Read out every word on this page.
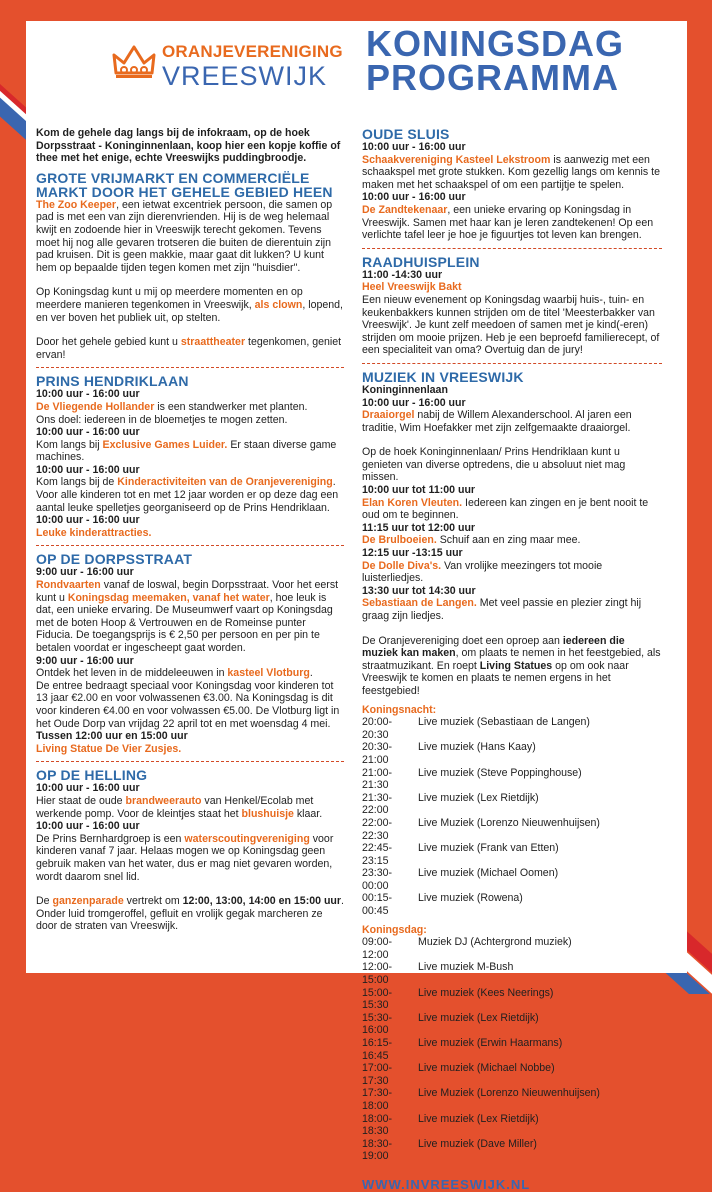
ORANJEVERENIGING
VREESWIJK
KONINGSDAG
PROGRAMMA

Kom de gehele dag langs bij de infokraam, op de hoek Dorpsstraat - Koninginnenlaan, koop hier een kopje koffie of thee met het enige, echte Vreeswijks puddingbroodje.

GROTE VRIJMARKT EN COMMERCIËLE MARKT DOOR HET GEHELE GEBIED HEEN

The Zoo Keeper, een ietwat excentriek persoon, die samen op pad is met een van zijn dierenvrienden. Hij is de weg helemaal kwijt en zodoende hier in Vreeswijk terecht gekomen. Tevens moet hij nog alle gevaren trotseren die buiten de dierentuin zijn pad kruisen. Dit is geen makkie, maar gaat dit lukken? U kunt hem op bepaalde tijden tegen komen met zijn "huisdier".

Op Koningsdag kunt u mij op meerdere momenten en op meerdere manieren tegenkomen in Vreeswijk, als clown, lopend, en ver boven het publiek uit, op stelten.

Door het gehele gebied kunt u straattheater tegenkomen, geniet ervan!

PRINS HENDRIKLAAN

10:00 uur - 16:00 uur

De Vliegende Hollander is een standwerker met planten.

Ons doel: iedereen in de bloemetjes te mogen zetten.

10:00 uur - 16:00 uur

Kom langs bij Exclusive Games Luider. Er staan diverse game machines.

10:00 uur - 16:00 uur

Kom langs bij de Kinderactiviteiten van de Oranjevereniging.

Voor alle kinderen tot en met 12 jaar worden er op deze dag een aantal leuke spelletjes georganiseerd op de Prins Hendriklaan.

10:00 uur - 16:00 uur

Leuke kinderattracties.

OP DE DORPSSTRAAT

9:00 uur - 16:00 uur

Rondvaarten vanaf de loswal, begin Dorpsstraat. Voor het eerst kunt u Koningsdag meemaken, vanaf het water, hoe leuk is dat, een unieke ervaring. De Museumwerf vaart op Koningsdag met de boten Hoop & Vertrouwen en de Romeinse punter Fiducia. De toegangsprijs is € 2,50 per persoon en per pin te betalen voordat er ingescheept gaat worden.

9:00 uur - 16:00 uur

Ontdek het leven in de middeleeuwen in kasteel Vlotburg.

De entree bedraagt speciaal voor Koningsdag voor kinderen tot 13 jaar €2.00 en voor volwassenen €3.00. Na Koningsdag is dit voor kinderen €4.00 en voor volwassen €5.00. De Vlotburg ligt in het Oude Dorp van vrijdag 22 april tot en met woensdag 4 mei.

Tussen 12:00 uur en 15:00 uur

Living Statue De Vier Zusjes.

OP DE HELLING

10:00 uur - 16:00 uur

Hier staat de oude brandweerauto van Henkel/Ecolab met werkende pomp. Voor de kleintjes staat het blushuisje klaar.

10:00 uur - 16:00 uur

De Prins Bernhardgroep is een waterscoutingvereniging voor kinderen vanaf 7 jaar. Helaas mogen we op Koningsdag geen gebruik maken van het water, dus er mag niet gevaren worden, wordt daarom snel lid.

De ganzenparade vertrekt om 12:00, 13:00, 14:00 en 15:00 uur. Onder luid tromgeroffel, gefluit en vrolijk gegak marcheren ze door de straten van Vreeswijk.

OUDE SLUIS

10:00 uur - 16:00 uur

Schaakvereniging Kasteel Lekstroom is aanwezig met een schaakspel met grote stukken. Kom gezellig langs om kennis te maken met het schaakspel of om een partijtje te spelen.

10:00 uur - 16:00 uur

De Zandtekenaar, een unieke ervaring op Koningsdag in Vreeswijk. Samen met haar kan je leren zandtekenen! Op een verlichte tafel leer je hoe je figuurtjes tot leven kan brengen.

RAADHUISPLEIN

11:00 -14:30 uur

Heel Vreeswijk Bakt

Een nieuw evenement op Koningsdag waarbij huis-, tuin- en keukenbakkers kunnen strijden om de titel 'Meesterbakker van Vreeswijk'. Je kunt zelf meedoen of samen met je kind(-eren) strijden om mooie prijzen. Heb je een beproefd familierecept, of een specialiteit van oma? Overtuig dan de jury!

MUZIEK IN VREESWIJK

Koninginnenlaan

10:00 uur - 16:00 uur

Draaiorgel nabij de Willem Alexanderschool. Al jaren een traditie, Wim Hoefakker met zijn zelfgemaakte draaiorgel.

Op de hoek Koninginnenlaan/ Prins Hendriklaan kunt u genieten van diverse optredens, die u absoluut niet mag missen.

10:00 uur tot 11:00 uur

Elan Koren Vleuten. Iedereen kan zingen en je bent nooit te oud om te beginnen.

11:15 uur tot 12:00 uur

De Brulboeien. Schuif aan en zing maar mee.

12:15 uur -13:15 uur

De Dolle Diva's. Van vrolijke meezingers tot mooie luisterliedjes.

13:30 uur tot 14:30 uur

Sebastiaan de Langen. Met veel passie en plezier zingt hij graag zijn liedjes.

De Oranjevereniging doet een oproep aan iedereen die muziek kan maken, om plaats te nemen in het feestgebied, als straatmuzikant. En roept Living Statues op om ook naar Vreeswijk te komen en plaats te nemen ergens in het feestgebied!

Koningsnacht:
20:00-20:30
Live muziek (Sebastiaan de Langen)
20:30-21:00
Live muziek (Hans Kaay)
21:00-21:30
Live muziek (Steve Poppinghouse)
21:30-22:00
Live muziek (Lex Rietdijk)
22:00-22:30
Live Muziek (Lorenzo Nieuwenhuijsen)
22:45-23:15
Live muziek (Frank van Etten)
23:30-00:00
Live muziek (Michael Oomen)
00:15-00:45
Live muziek (Rowena)
Koningsdag:
09:00-12:00
Muziek DJ (Achtergrond muziek)
12:00-15:00
Live muziek M-Bush
15:00-15:30
Live muziek (Kees Neerings)
15:30-16:00
Live muziek (Lex Rietdijk)
16:15-16:45
Live muziek (Erwin Haarmans)
17:00-17:30
Live muziek (Michael Nobbe)
17:30-18:00
Live Muziek (Lorenzo Nieuwenhuijsen)
18:00-18:30
Live muziek (Lex Rietdijk)
18:30-19:00
Live muziek (Dave Miller)
WWW.INVREESWIJK.NL
